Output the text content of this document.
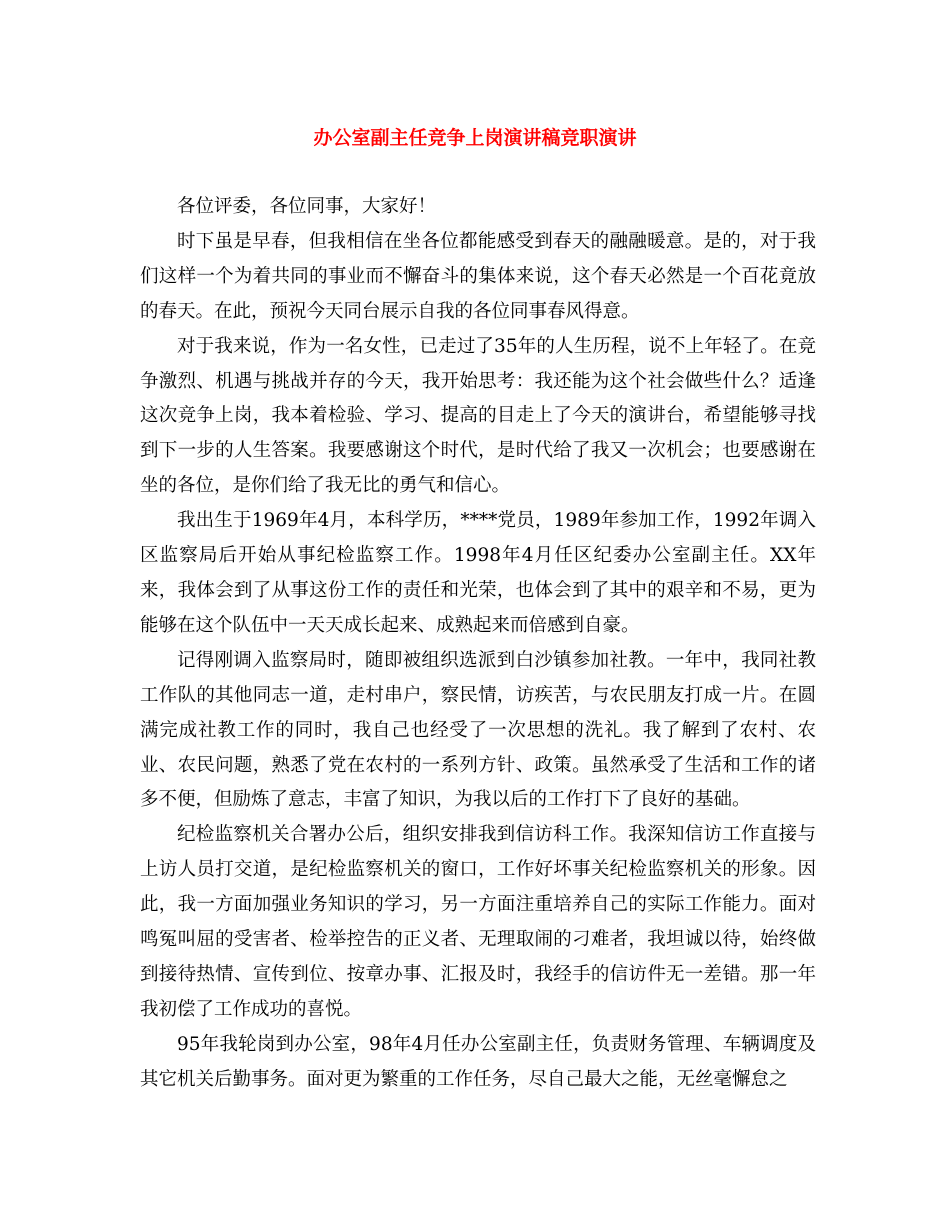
办公室副主任竞争上岗演讲稿竞职演讲

各位评委，各位同事，大家好！

时下虽是早春，但我相信在坐各位都能感受到春天的融融暖意。是的，对于我们这样一个为着共同的事业而不懈奋斗的集体来说，这个春天必然是一个百花竟放的春天。在此，预祝今天同台展示自我的各位同事春风得意。

对于我来说，作为一名女性，已走过了35年的人生历程，说不上年轻了。在竞争激烈、机遇与挑战并存的今天，我开始思考：我还能为这个社会做些什么？适逢这次竞争上岗，我本着检验、学习、提高的目走上了今天的演讲台，希望能够寻找到下一步的人生答案。我要感谢这个时代，是时代给了我又一次机会；也要感谢在坐的各位，是你们给了我无比的勇气和信心。

我出生于1969年4月，本科学历，****党员，1989年参加工作，1992年调入区监察局后开始从事纪检监察工作。1998年4月任区纪委办公室副主任。XX年来，我体会到了从事这份工作的责任和光荣，也体会到了其中的艰辛和不易，更为能够在这个队伍中一天天成长起来、成熟起来而倍感到自豪。

记得刚调入监察局时，随即被组织选派到白沙镇参加社教。一年中，我同社教工作队的其他同志一道，走村串户，察民情，访疾苦，与农民朋友打成一片。在圆满完成社教工作的同时，我自己也经受了一次思想的洗礼。我了解到了农村、农业、农民问题，熟悉了党在农村的一系列方针、政策。虽然承受了生活和工作的诸多不便，但励炼了意志，丰富了知识，为我以后的工作打下了良好的基础。

纪检监察机关合署办公后，组织安排我到信访科工作。我深知信访工作直接与上访人员打交道，是纪检监察机关的窗口，工作好坏事关纪检监察机关的形象。因此，我一方面加强业务知识的学习，另一方面注重培养自己的实际工作能力。面对鸣冤叫屈的受害者、检举控告的正义者、无理取闹的刁难者，我坦诚以待，始终做到接待热情、宣传到位、按章办事、汇报及时，我经手的信访件无一差错。那一年我初偿了工作成功的喜悦。

95年我轮岗到办公室，98年4月任办公室副主任，负责财务管理、车辆调度及其它机关后勤事务。面对更为繁重的工作任务，尽自己最大之能，无丝毫懈怠之
